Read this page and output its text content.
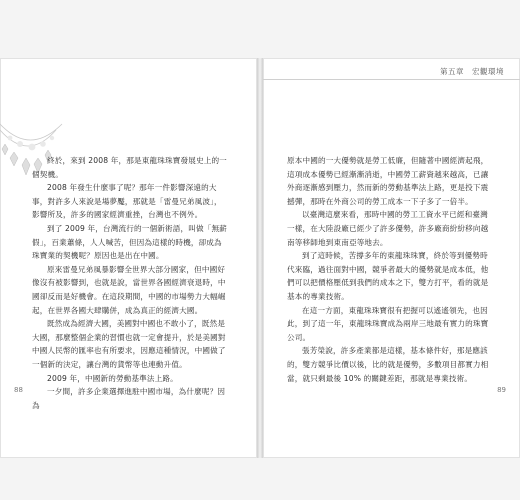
終於，來到 2008 年，那是東龍珠珠寶發展史上的一個契機。

2008 年發生什麼事了呢？那年一件影響深遠的大事，對許多人來說是場夢魘，那就是「雷曼兄弟風波」，影響所及，許多的國家經濟重挫，台灣也不例外。

到了 2009 年，台灣流行的一個新術語，叫做「無薪假」，百業蕭條，人人喊苦，但因為這樣的時機，卻成為珠寶業的契機呢？原因也是出在中國。

原來雷曼兄弟風暴影響全世界大部分國家，但中國好像沒有被影響到，也就是說，當世界各國經濟衰退時，中國卻反而是好機會。在這段期間，中國的市場勢力大幅崛起，在世界各國大肆購併，成為真正的經濟大國。

既然成為經濟大國，美國對中國也不敢小了，既然是大國，那麼整個企業的習慣也就一定會提升，於是美國對中國人民幣的匯率也有所要求，因應這種情況，中國做了一個新的決定，讓台灣的貨幣等也連動升值。

2009 年，中國新的勞動基準法上路。

一夕間，許多企業選擇進駐中國市場，為什麼呢？因為

88
第五章　宏觀環境

原本中國的一大優勢就是勞工低廉，但隨著中國經濟起飛，這項成本優勢已經漸漸消逝，中國勞工薪資越來越高，已讓外商逐漸感到壓力，然而新的勞動基準法上路，更是投下震撼彈，那時在外商公司的勞工成本一下子多了一倍半。

以臺灣這麼來看，那時中國的勞工工資水平已經和臺灣一樣，在大陸設廠已經少了許多優勢，許多廠商紛紛移向越南等移師地到東南亞等地去。

到了這時候，苦撐多年的東龍珠珠寶，終於等到優勢時代來臨，過往面對中國，競爭者最大的優勢就是成本低，他們可以把價格壓低到我們的成本之下，雙方打平，看的就是基本的專業技術。

在這一方面，東龍珠珠寶很有把握可以遙遙領先，也因此，到了這一年，東龍珠珠寶成為兩岸三地最有實力的珠寶公司。

張芳榮說，許多產業都是這樣，基本條件好，那是應該的，雙方競爭比價以後，比的就是優勢，多數項目都實力相當，就只剩最後 10% 的關鍵差距，那就是專業技術。

89
